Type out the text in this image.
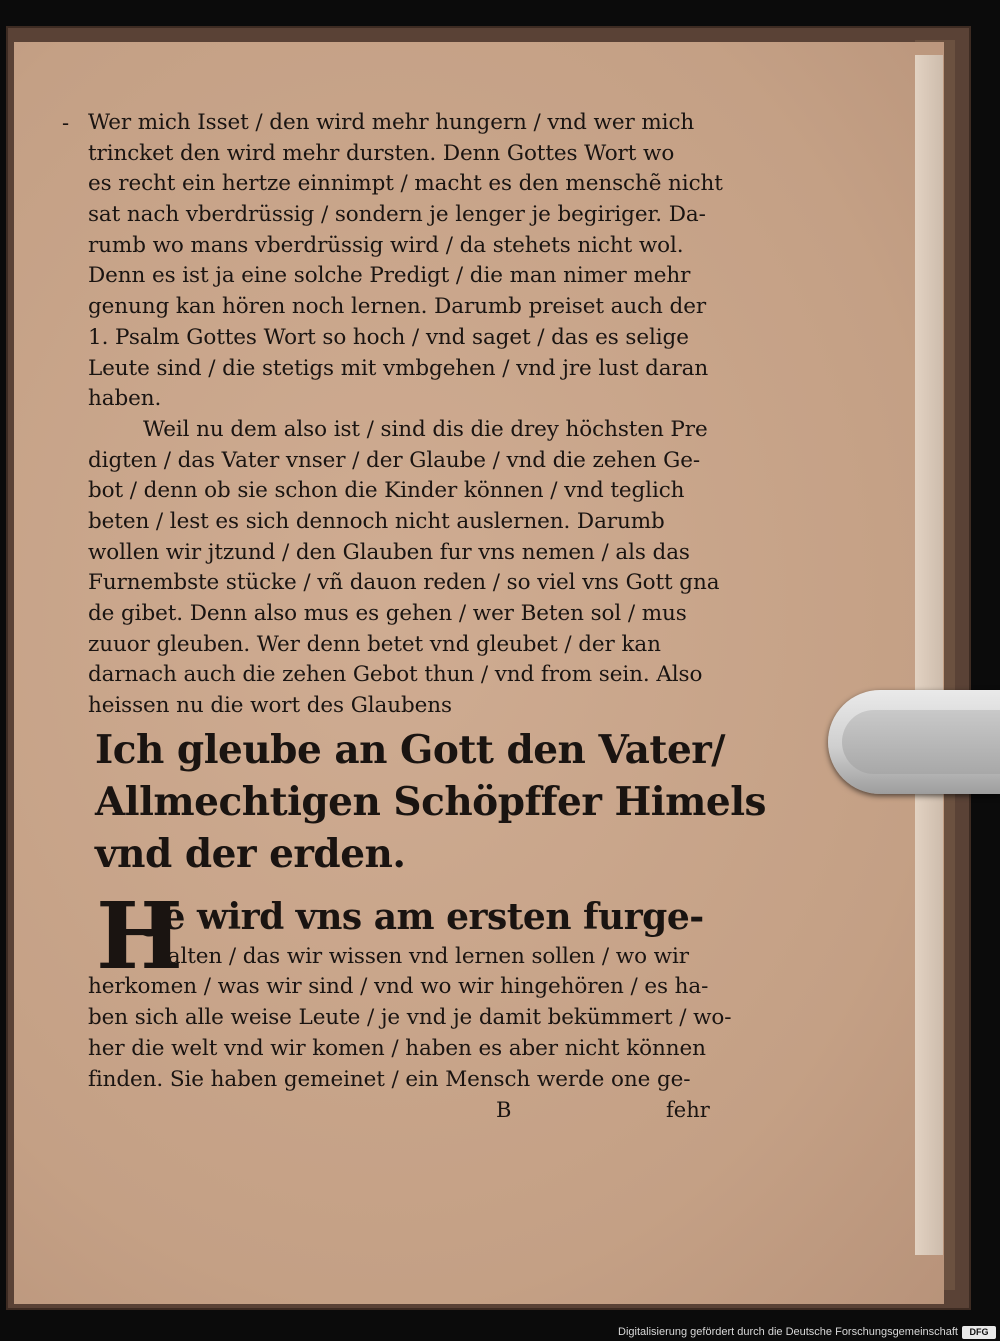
- Wer mich Isset / den wird mehr hungern / vnd wer mich
trincket den wird mehr dursten. Denn Gottes Wort wo
es recht ein hertze einnimpt / macht es den menschẽ nicht
sat nach vberdrüssig / sondern je lenger je begiriger. Da-
rumb wo mans vberdrüssig wird / da stehets nicht wol.
Denn es ist ja eine solche Predigt / die man nimer mehr
genung kan hören noch lernen. Darumb preiset auch der
1. Psalm Gottes Wort so hoch / vnd saget / das es selige
Leute sind / die stetigs mit vmbgehen / vnd jre lust daran
haben.
Weil nu dem also ist / sind dis die drey höchsten Pre
digten / das Vater vnser / der Glaube / vnd die zehen Ge-
bot / denn ob sie schon die Kinder können / vnd teglich
beten / lest es sich dennoch nicht auslernen. Darumb
wollen wir jtzund / den Glauben fur vns nemen / als das
Furnembste stücke / vñ dauon reden / so viel vns Gott gna
de gibet. Denn also mus es gehen / wer Beten sol / mus
zuuor gleuben. Wer denn betet vnd gleubet / der kan
darnach auch die zehen Gebot thun / vnd from sein. Also
heissen nu die wort des Glaubens
Ich gleube an Gott den Vater/
Allmechtigen Schöpffer Himels
vnd der erden.
H
Je wird vns am ersten furge-
halten / das wir wissen vnd lernen sollen / wo wir
herkomen / was wir sind / vnd wo wir hingehören / es ha-
ben sich alle weise Leute / je vnd je damit bekümmert / wo-
her die welt vnd wir komen / haben es aber nicht können
finden. Sie haben gemeinet / ein Mensch werde one ge-
B	fehr
Digitalisierung gefördert durch die Deutsche Forschungsgemeinschaft	DFG
